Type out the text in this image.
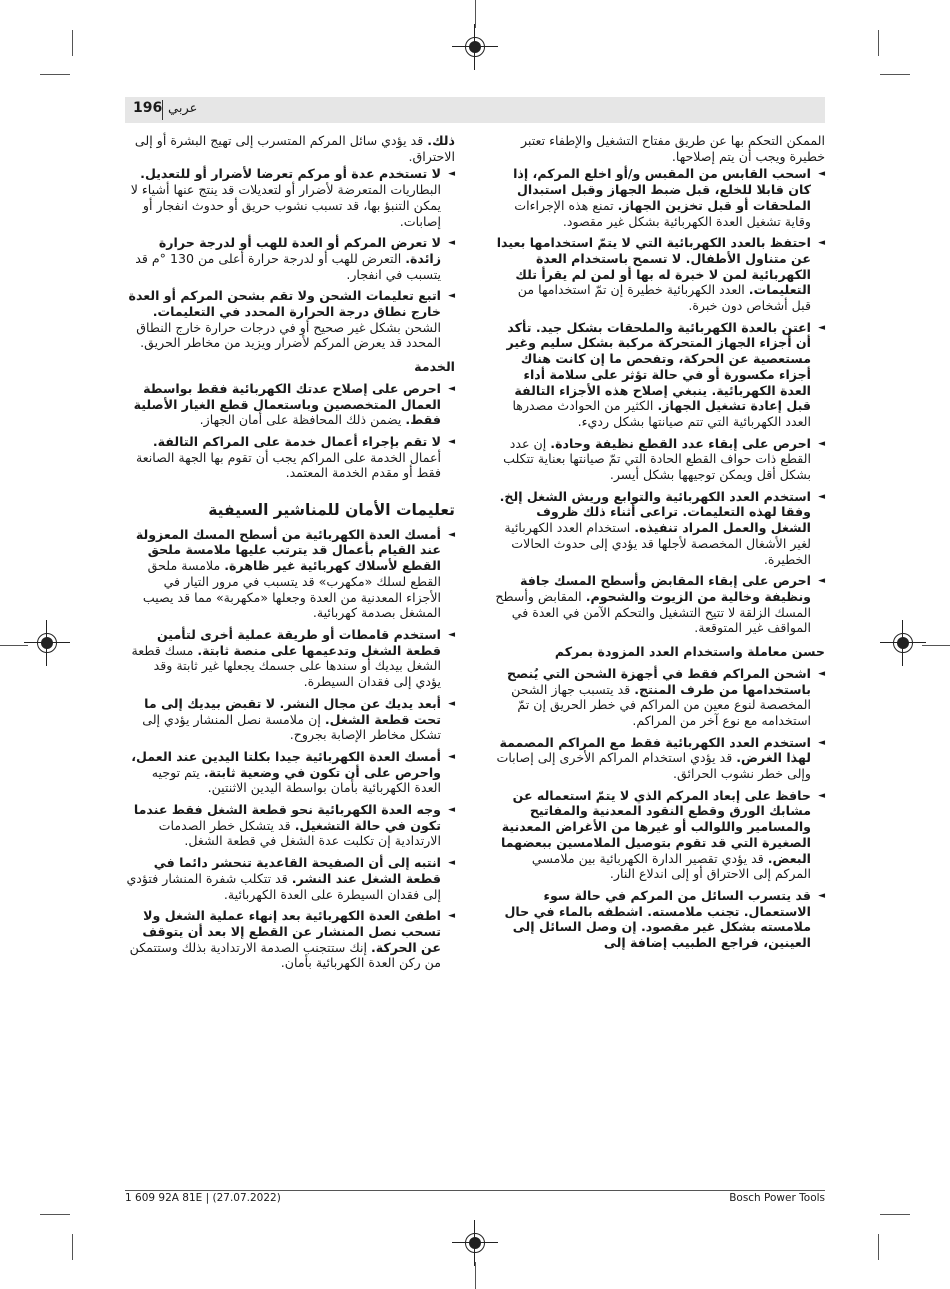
196 عربي

الممكن التحكم بها عن طريق مفتاح التشغيل والإطفاء تعتبر خطيرة ويجب أن يتم إصلاحها.

◄ اسحب القابس من المقبس و/أو اخلع المركم، إذا كان قابلا للخلع، قبل ضبط الجهاز وقبل استبدال الملحقات أو قبل تخزين الجهاز. تمنع هذه الإجراءات وقاية تشغيل العدة الكهربائية بشكل غير مقصود.
◄ احتفظ بالعدد الكهربائية التي لا يتمّ استخدامها بعيدا عن متناول الأطفال. لا تسمح باستخدام العدة الكهربائية لمن لا خبرة له بها أو لمن لم يقرأ تلك التعليمات. العدد الكهربائية خطيرة إن تمّ استخدامها من قبل أشخاص دون خبرة.
◄ اعتن بالعدة الكهربائية والملحقات بشكل جيد. تأكد أن أجزاء الجهاز المتحركة مركبة بشكل سليم وغير مستعصية عن الحركة، وتفحص ما إن كانت هناك أجزاء مكسورة أو في حالة تؤثر على سلامة أداء العدة الكهربائية. ينبغي إصلاح هذه الأجزاء التالفة قبل إعادة تشغيل الجهاز. الكثير من الحوادث مصدرها العدد الكهربائية التي تتم صيانتها بشكل رديء.
◄ احرص على إبقاء عدد القطع نظيفة وحادة. إن عدد القطع ذات حواف القطع الحادة التي تمّ صيانتها بعناية تتكلب بشكل أقل ويمكن توجيهها بشكل أيسر.
◄ استخدم العدد الكهربائية والتوابع وريش الشغل إلخ. وفقا لهذه التعليمات. تراعى أثناء ذلك ظروف الشغل والعمل المراد تنفيذه. استخدام العدد الكهربائية لغير الأشغال المخصصة لأجلها قد يؤدي إلى حدوث الحالات الخطيرة.
◄ احرص على إبقاء المقابض وأسطح المسك جافة ونظيفة وخالية من الزيوت والشحوم. المقابض وأسطح المسك الزلقة لا تتيح التشغيل والتحكم الآمن في العدة في المواقف غير المتوقعة.
حسن معاملة واستخدام العدد المزودة بمركم
◄ اشحن المراكم فقط في أجهزة الشحن التي يُنصح باستخدامها من طرف المنتج. قد يتسبب جهاز الشحن المخصصة لنوع معين من المراكم في خطر الحريق إن تمّ استخدامه مع نوع آخر من المراكم.
◄ استخدم العدد الكهربائية فقط مع المراكم المصممة لهذا الغرض. قد يؤدي استخدام المراكم الأخرى إلى إصابات وإلى خطر نشوب الحرائق.
◄ حافظ على إبعاد المركم الذي لا يتمّ استعماله عن مشابك الورق وقطع النقود المعدنية والمفاتيح والمسامير واللوالب أو غيرها من الأغراض المعدنية الصغيرة التي قد تقوم بتوصيل الملامسين ببعضهما البعض. قد يؤدي تقصير الدارة الكهربائية بين ملامسي المركم إلى الاحتراق أو إلى اندلاع النار.
◄ قد يتسرب السائل من المركم في حالة سوء الاستعمال. تجنب ملامسته. اشطفه بالماء في حال ملامسته بشكل غير مقصود. إن وصل السائل إلى العينين، فراجع الطبيب إضافة إلى

ذلك. قد يؤدي سائل المركم المتسرب إلى تهيج البشرة أو إلى الاحتراق.

◄ لا تستخدم عدة أو مركم تعرضا لأضرار أو للتعديل. البطاريات المتعرضة لأضرار أو لتعديلات قد ينتج عنها أشياء لا يمكن التنبؤ بها، قد تسبب نشوب حريق أو حدوث انفجار أو إصابات.
◄ لا تعرض المركم أو العدة للهب أو لدرجة حرارة زائدة. التعرض للهب أو لدرجة حرارة أعلى من 130 °م قد يتسبب في انفجار.
◄ اتبع تعليمات الشحن ولا تقم بشحن المركم أو العدة خارج نطاق درجة الحرارة المحدد في التعليمات. الشحن بشكل غير صحيح أو في درجات حرارة خارج النطاق المحدد قد يعرض المركم لأضرار ويزيد من مخاطر الحريق.
الخدمة
◄ احرص على إصلاح عدتك الكهربائية فقط بواسطة العمال المتخصصين وباستعمال قطع الغيار الأصلية فقط. يضمن ذلك المحافظة على أمان الجهاز.
◄ لا تقم بإجراء أعمال خدمة على المراكم التالفة. أعمال الخدمة على المراكم يجب أن تقوم بها الجهة الصانعة فقط أو مقدم الخدمة المعتمد.
تعليمات الأمان للمناشير السيفية
◄ أمسك العدة الكهربائية من أسطح المسك المعزولة عند القيام بأعمال قد يترتب عليها ملامسة ملحق القطع لأسلاك كهربائية غير ظاهرة. ملامسة ملحق القطع لسلك «مكهرب» قد يتسبب في مرور التيار في الأجزاء المعدنية من العدة وجعلها «مكهربة» مما قد يصيب المشغل بصدمة كهربائية.
◄ استخدم قامطات أو طريقة عملية أخرى لتأمين قطعة الشغل وتدعيمها على منصة ثابتة. مسك قطعة الشغل بيديك أو سندها على جسمك يجعلها غير ثابتة وقد يؤدي إلى فقدان السيطرة.
◄ أبعد يديك عن مجال النشر. لا تقبض بيديك إلى ما تحت قطعة الشغل. إن ملامسة نصل المنشار يؤدي إلى تشكل مخاطر الإصابة بجروح.
◄ أمسك العدة الكهربائية جيدا بكلتا اليدين عند العمل، واحرص على أن تكون في وضعية ثابتة. يتم توجيه العدة الكهربائية بأمان بواسطة اليدين الاثنتين.
◄ وجه العدة الكهربائية نحو قطعة الشغل فقط عندما تكون في حالة التشغيل. قد يتشكل خطر الصدمات الارتدادية إن تكلبت عدة الشغل في قطعة الشغل.
◄ انتبه إلى أن الصفيحة القاعدية تنحشر دائما في قطعة الشغل عند النشر. قد تتكلب شفرة المنشار فتؤدي إلى فقدان السيطرة على العدة الكهربائية.
◄ اطفئ العدة الكهربائية بعد إنهاء عملية الشغل ولا تسحب نصل المنشار عن القطع إلا بعد أن يتوقف عن الحركة. إنك ستتجنب الصدمة الارتدادية بذلك وستتمكن من ركن العدة الكهربائية بأمان.
1 609 92A 81E | (27.07.2022)	Bosch Power Tools
